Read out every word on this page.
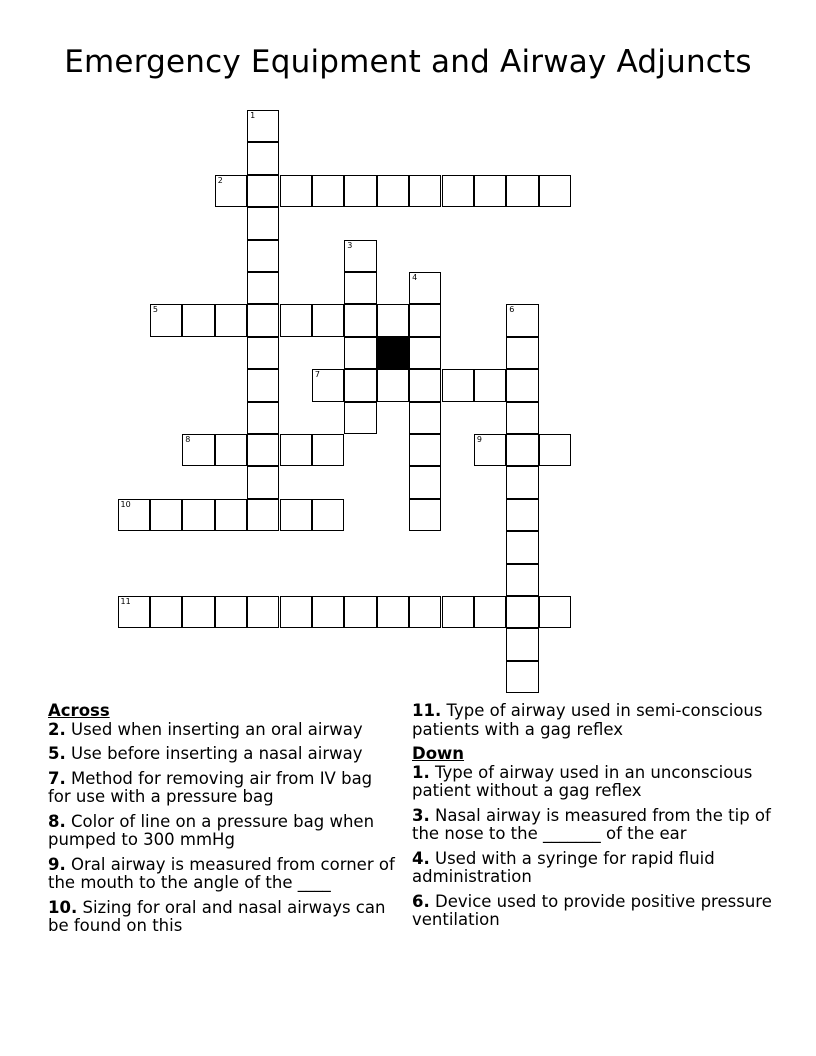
Emergency Equipment and Airway Adjuncts
1
2
3
4
5	6
7
8	9
10
11
Across
2. Used when inserting an oral airway
5. Use before inserting a nasal airway
7. Method for removing air from IV bag for use with a pressure bag
8. Color of line on a pressure bag when pumped to 300 mmHg
9. Oral airway is measured from corner of the mouth to the angle of the ____
10. Sizing for oral and nasal airways can be found on this
11. Type of airway used in semi-conscious patients with a gag reflex
Down
1. Type of airway used in an unconscious patient without a gag reflex
3. Nasal airway is measured from the tip of the nose to the _______ of the ear
4. Used with a syringe for rapid fluid administration
6. Device used to provide positive pressure ventilation
